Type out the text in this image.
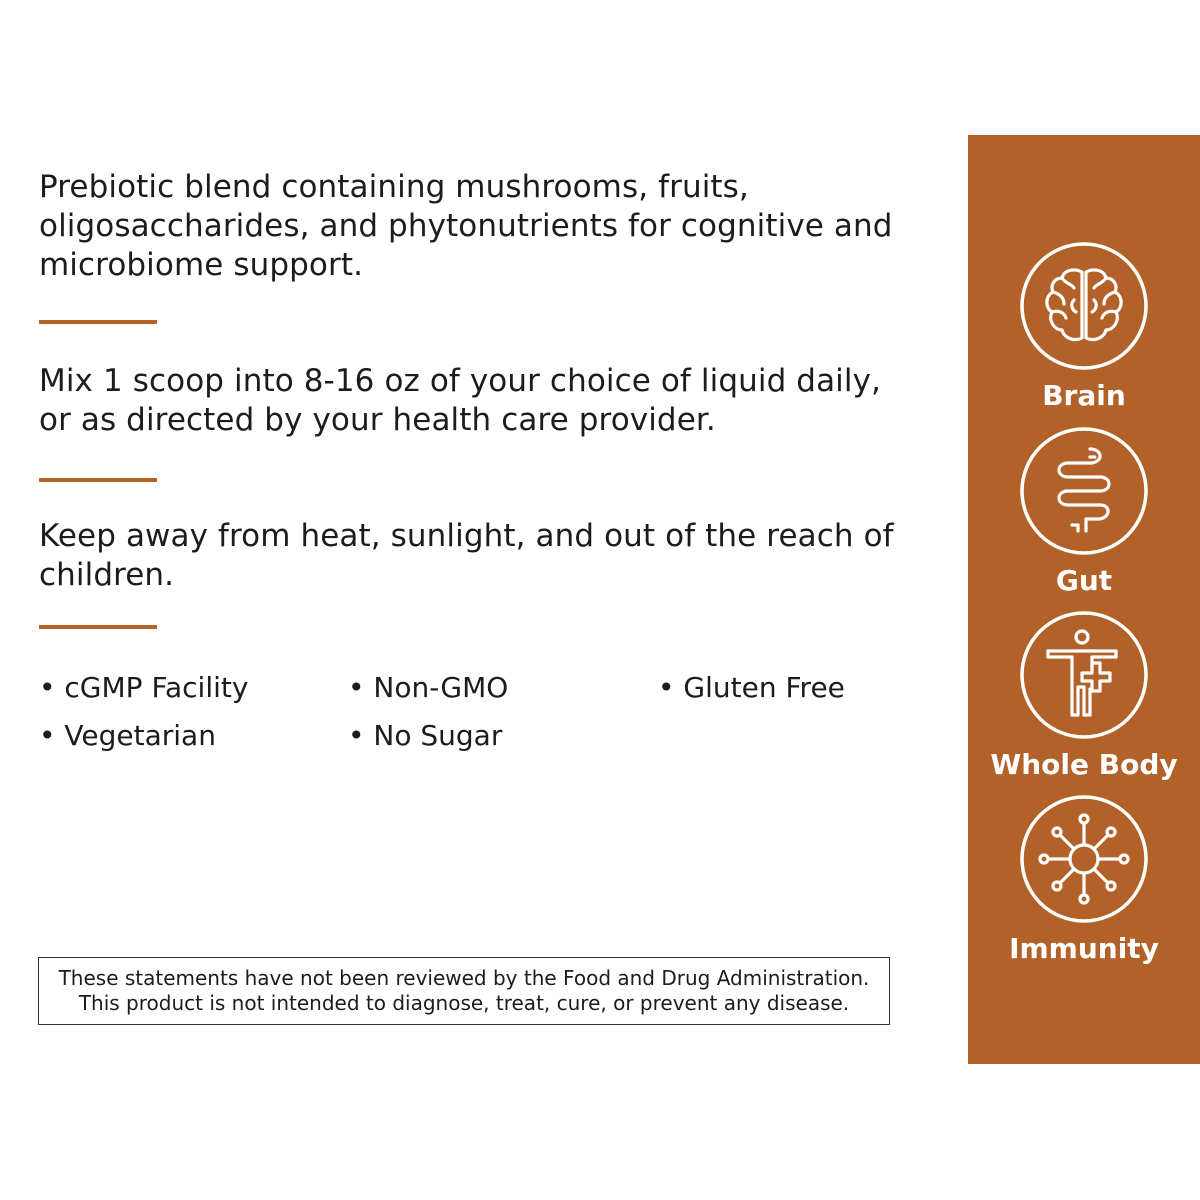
Prebiotic blend containing mushrooms, fruits, oligosaccharides, and phytonutrients for cognitive and microbiome support.

Mix 1 scoop into 8-16 oz of your choice of liquid daily, or as directed by your health care provider.

Keep away from heat, sunlight, and out of the reach of children.

• cGMP Facility	• Non-GMO	• Gluten Free
• Vegetarian	• No Sugar
These statements have not been reviewed by the Food and Drug Administration.
This product is not intended to diagnose, treat, cure, or prevent any disease.
Brain
Gut
Whole Body
Immunity
